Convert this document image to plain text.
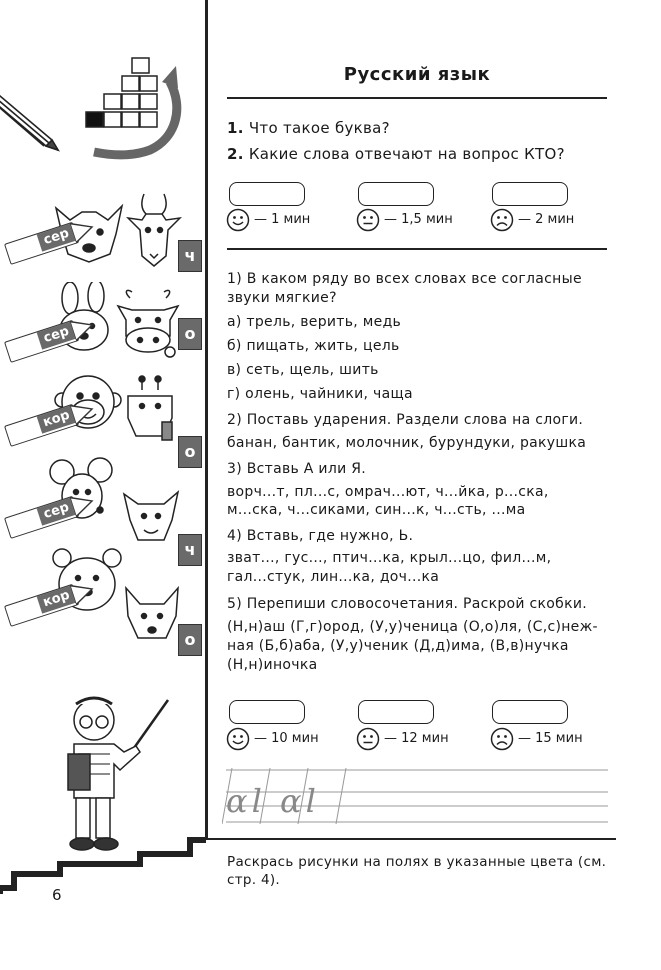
сер
сер
кор
сер
кор
ч
о
о
ч
о
Русский язык
1. Что такое буква?
2. Какие слова отвечают на вопрос КТО?
— 1 мин	— 1,5 мин	— 2 мин
1) В каком ряду во всех словах все согласные
звуки мягкие?
а) трель, верить, медь
б) пищать, жить, цель
в) сеть, щель, шить
г) олень, чайники, чаща
2) Поставь ударения. Раздели слова на слоги.
банан, бантик, молочник, бурундуки, ракушка
3) Вставь А или Я.
ворч...т, пл...с, омрач...ют, ч...йка, р...ска,
м...ска, ч...сиками, син...к, ч...сть, ...ма
4) Вставь, где нужно, Ь.
зват..., гус..., птич...ка, крыл...цо, фил...м,
гал...стук, лин...ка, доч...ка
5) Перепиши словосочетания. Раскрой скобки.
(Н,н)аш (Г,г)ород, (У,у)ченица (О,о)ля, (С,с)неж-
ная (Б,б)аба, (У,у)ченик (Д,д)има, (В,в)нучка
(Н,н)иночка
— 10 мин	— 12 мин	— 15 мин
ɑl ɑl
Раскрась рисунки на полях в указанные цвета (см.
стр. 4).
6
